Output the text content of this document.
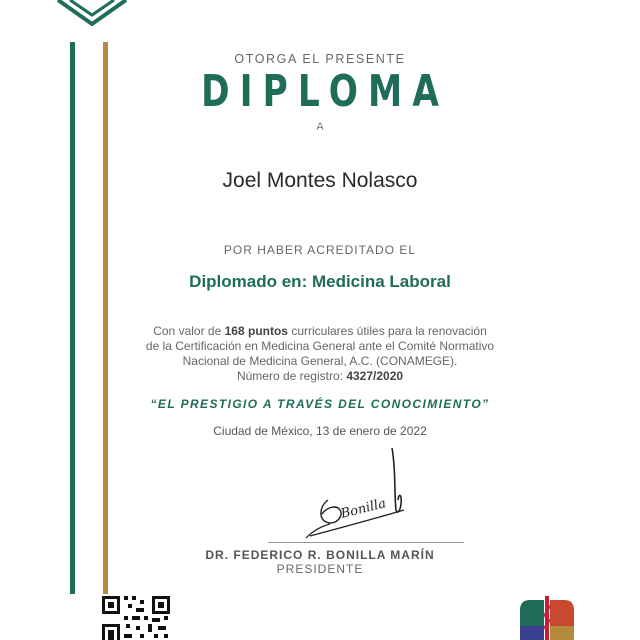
OTORGA EL PRESENTE
DIPLOMA
A
Joel Montes Nolasco
POR HABER ACREDITADO EL
Diplomado en: Medicina Laboral
Con valor de 168 puntos curriculares útiles para la renovación
de la Certificación en Medicina General ante el Comité Normativo
Nacional de Medicina General, A.C. (CONAMEGE).
Número de registro: 4327/2020
“EL PRESTIGIO A TRAVÉS DEL CONOCIMIENTO”
Ciudad de México, 13 de enero de 2022
Bonilla
DR. FEDERICO R. BONILLA MARÍN
PRESIDENTE
